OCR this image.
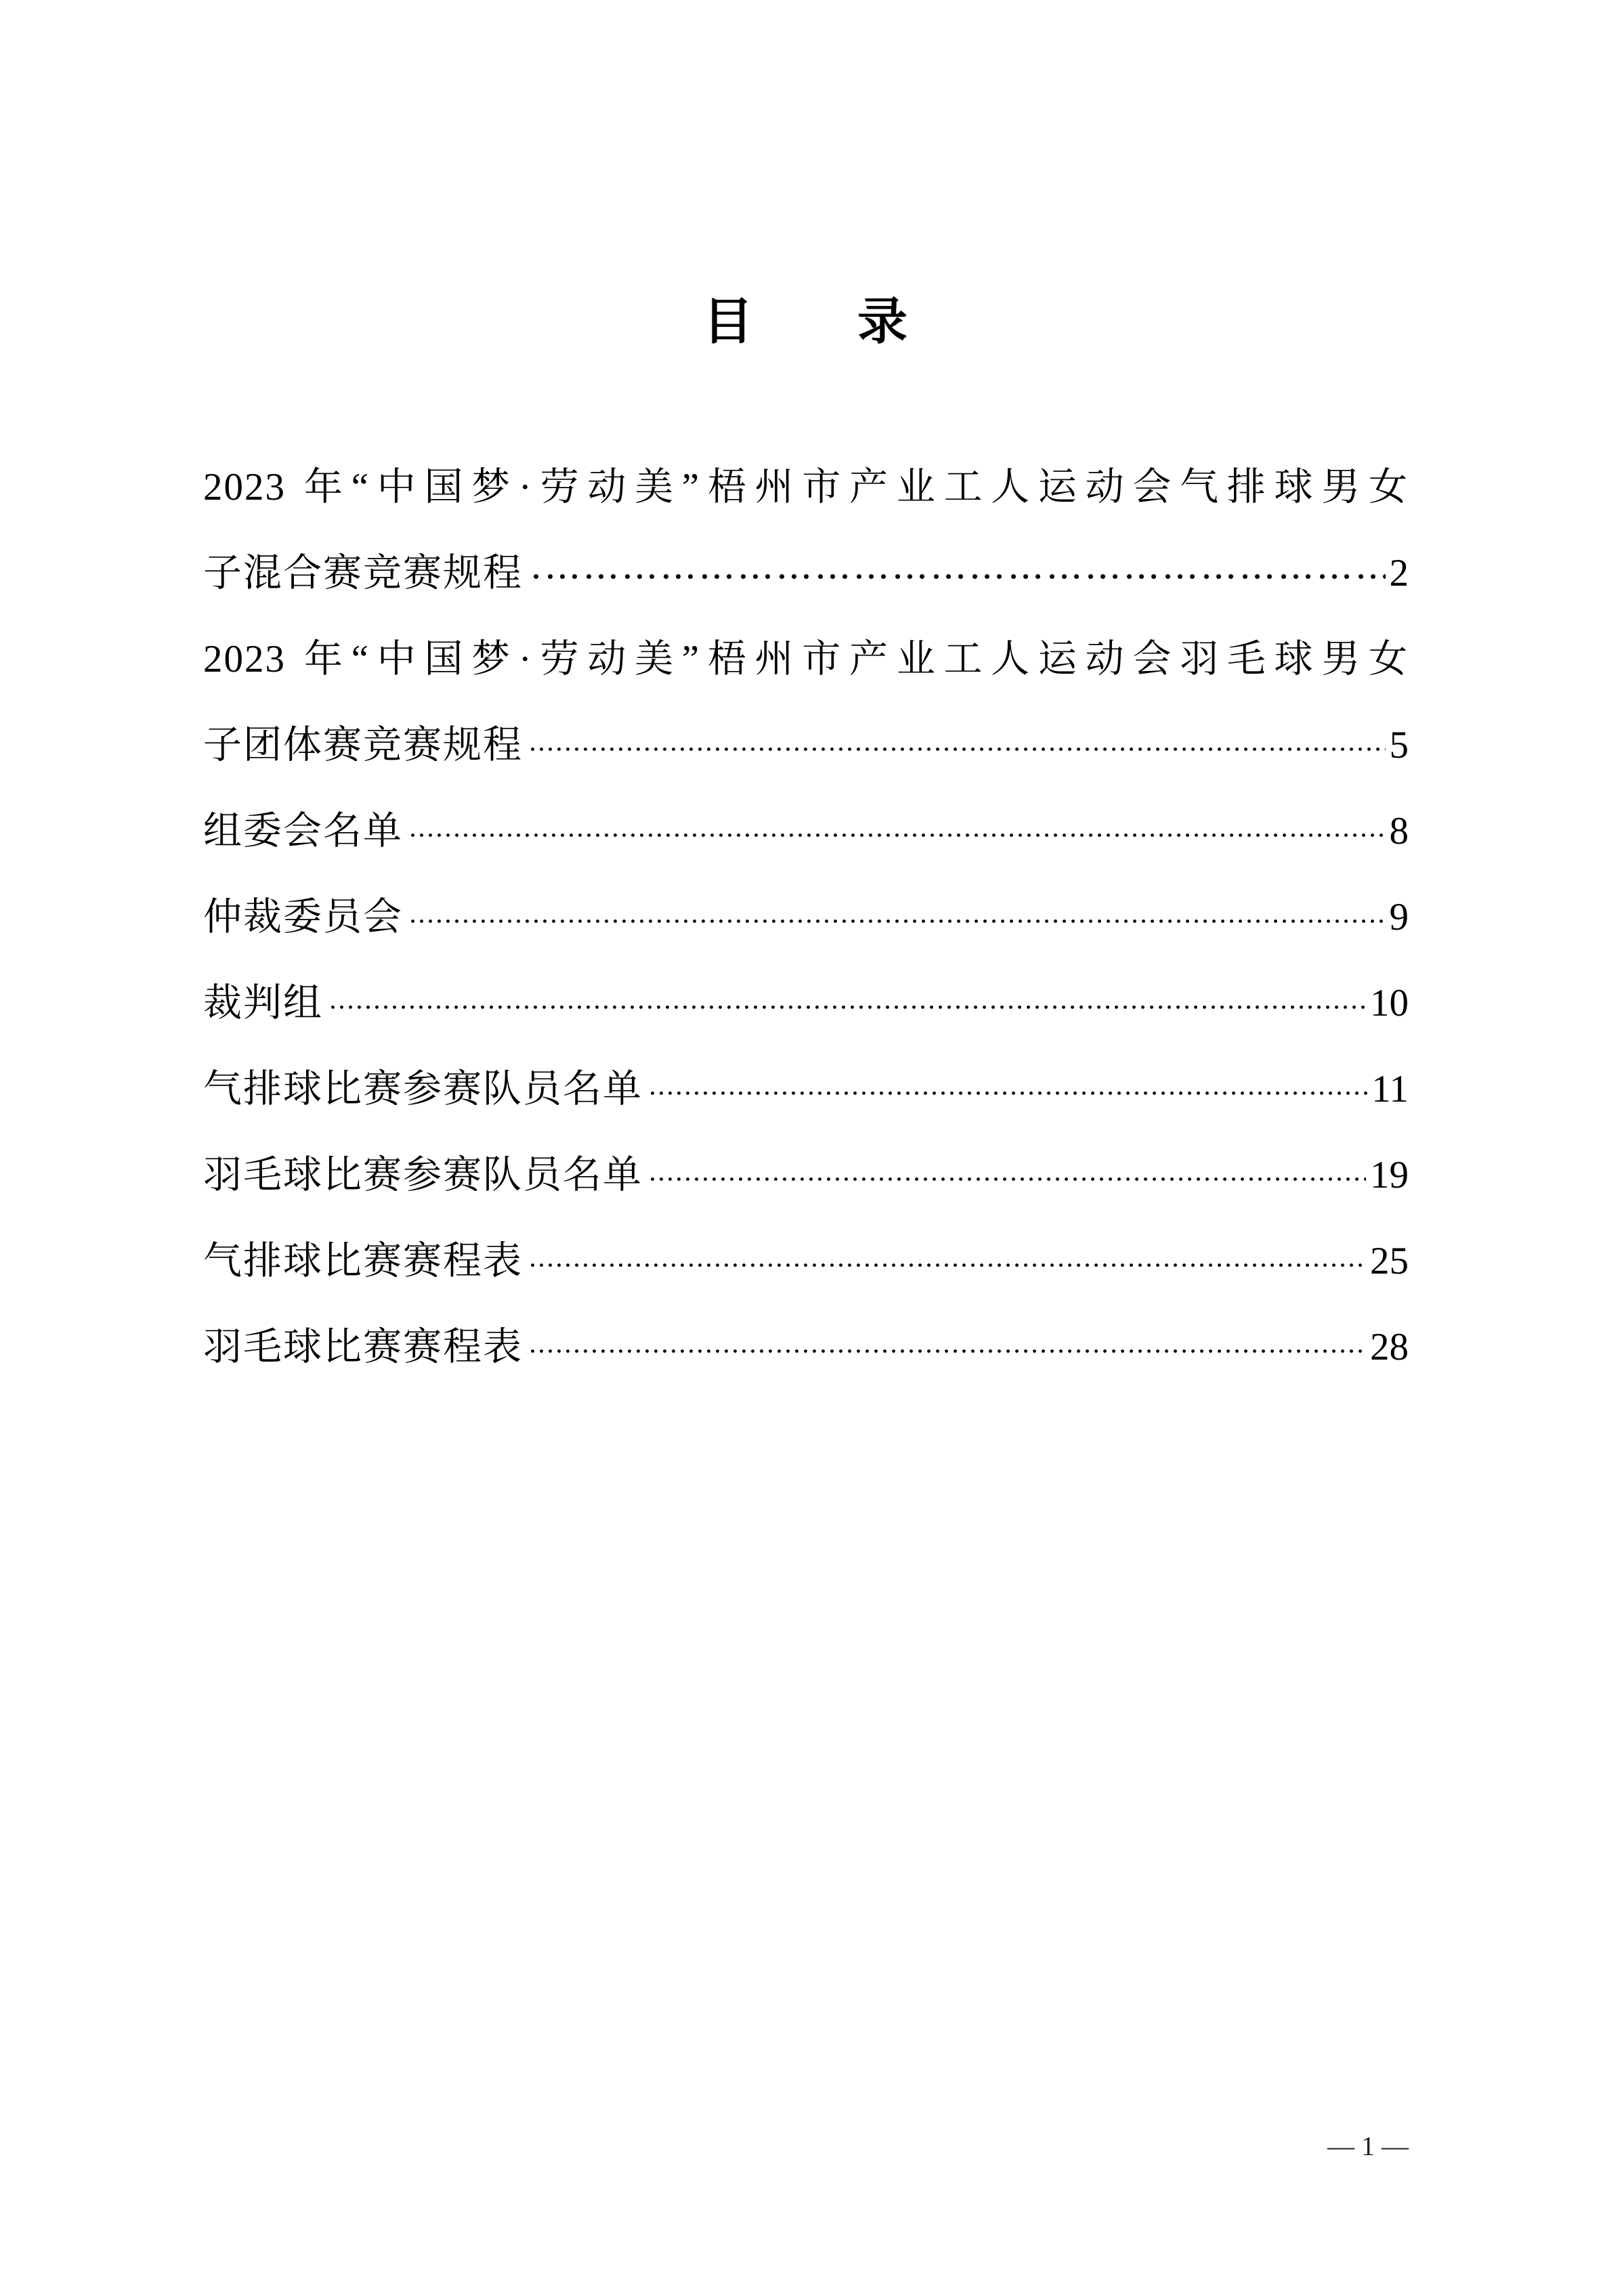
目　　录
2023 年“中国梦·劳动美”梧州市产业工人运动会气排球男女
子混合赛竞赛规程	2
2023 年“中国梦·劳动美”梧州市产业工人运动会羽毛球男女
子团体赛竞赛规程	5
组委会名单	8
仲裁委员会	9
裁判组	10
气排球比赛参赛队员名单	11
羽毛球比赛参赛队员名单	19
气排球比赛赛程表	25
羽毛球比赛赛程表	28
— 1 —
